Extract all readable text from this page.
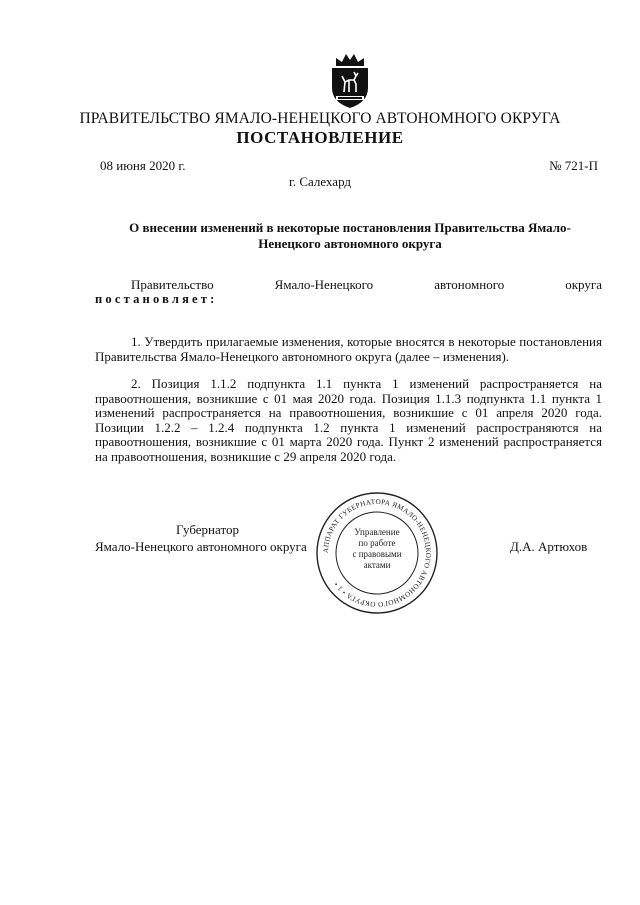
ПРАВИТЕЛЬСТВО ЯМАЛО-НЕНЕЦКОГО АВТОНОМНОГО ОКРУГА
ПОСТАНОВЛЕНИЕ
08 июня 2020 г.	№ 721-П
г. Салехард
О внесении изменений в некоторые постановления Правительства Ямало-Ненецкого автономного округа
Правительство	Ямало-Ненецкого	автономного	округа
постановляет:
1. Утвердить прилагаемые изменения, которые вносятся в некоторые постановления Правительства Ямало-Ненецкого автономного округа (далее – изменения).
2. Позиция 1.1.2 подпункта 1.1 пункта 1 изменений распространяется на правоотношения, возникшие с 01 мая 2020 года. Позиция 1.1.3 подпункта 1.1 пункта 1 изменений распространяется на правоотношения, возникшие с 01 апреля 2020 года. Позиции 1.2.2 – 1.2.4 подпункта 1.2 пункта 1 изменений распространяются на правоотношения, возникшие с 01 марта 2020 года. Пункт 2 изменений распространяется на правоотношения, возникшие с 29 апреля 2020 года.
Губернатор
Ямало-Ненецкого автономного округа	Д.А. Артюхов
АППАРАТ ГУБЕРНАТОРА ЯМАЛО-НЕНЕЦКОГО АВТОНОМНОГО ОКРУГА • 1 •
Управление
по работе
с правовыми
актами
